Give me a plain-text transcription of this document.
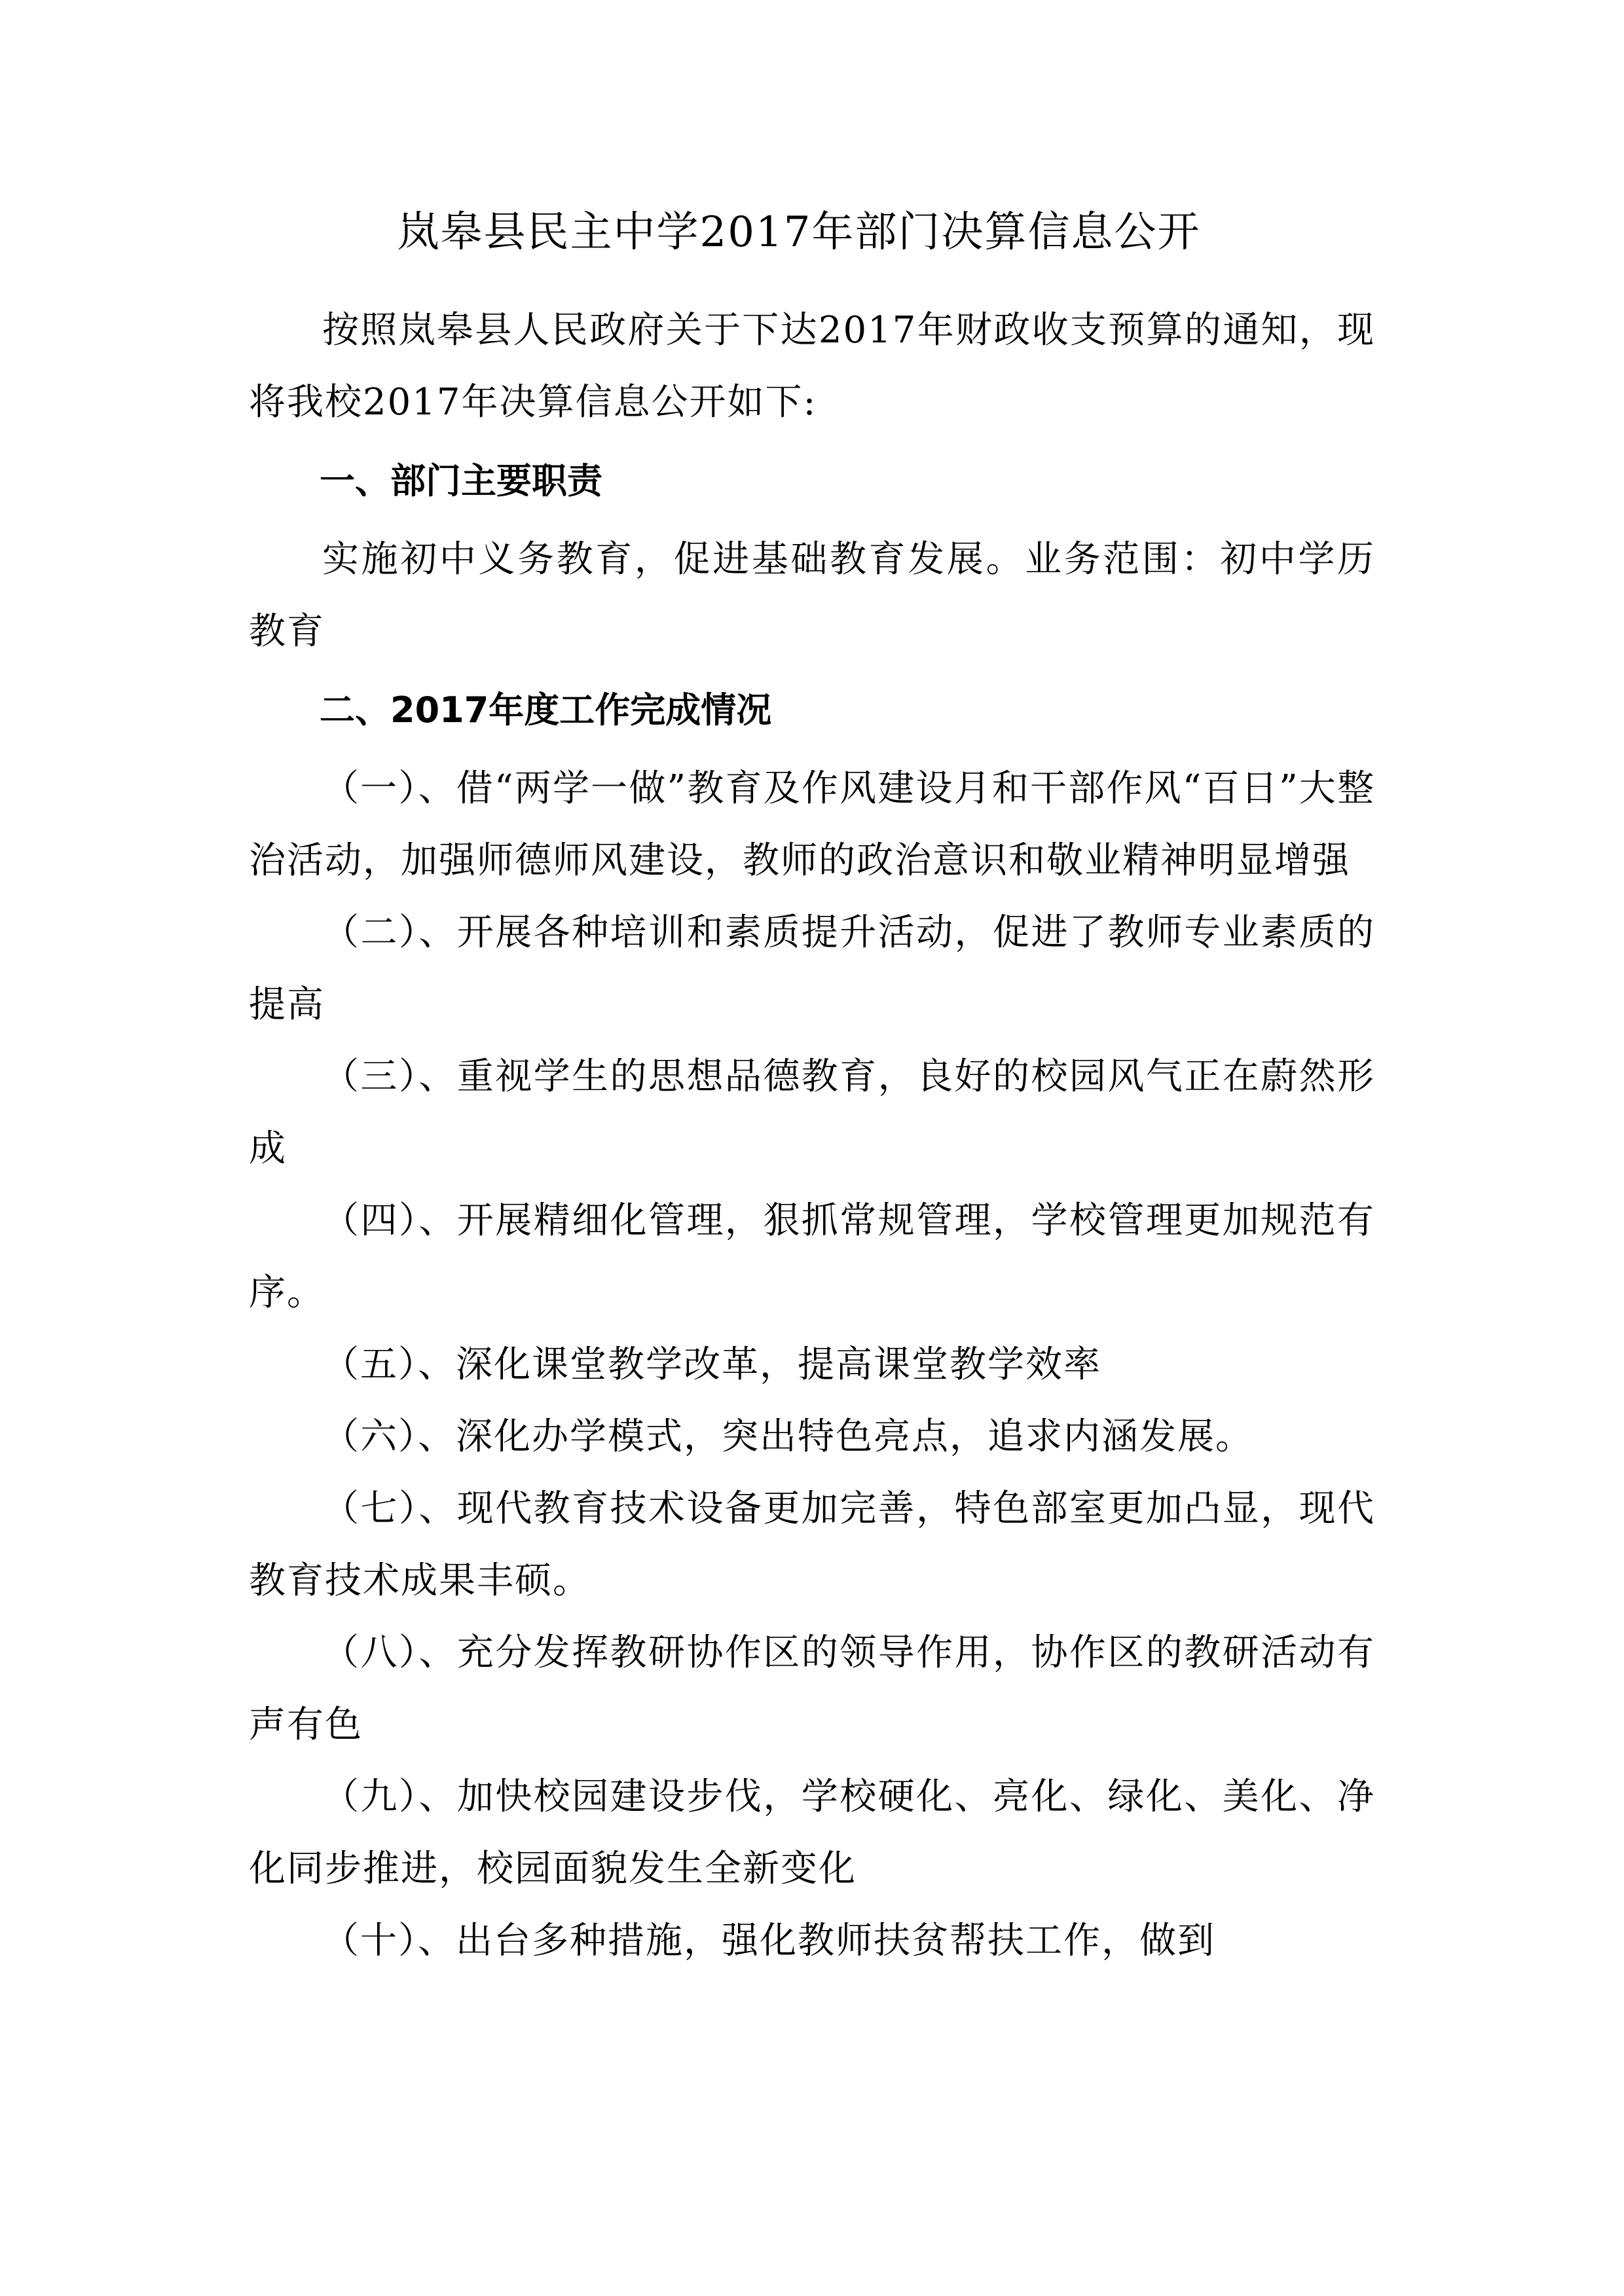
岚皋县民主中学2017年部门决算信息公开

按照岚皋县人民政府关于下达2017年财政收支预算的通知，现将我校2017年决算信息公开如下:

一、部门主要职责

实施初中义务教育，促进基础教育发展。业务范围：初中学历教育

二、2017年度工作完成情况

（一）、借“两学一做”教育及作风建设月和干部作风“百日”大整治活动，加强师德师风建设，教师的政治意识和敬业精神明显增强

（二）、开展各种培训和素质提升活动，促进了教师专业素质的提高

（三）、重视学生的思想品德教育，良好的校园风气正在蔚然形成

（四）、开展精细化管理，狠抓常规管理，学校管理更加规范有序。

（五）、深化课堂教学改革，提高课堂教学效率

（六）、深化办学模式，突出特色亮点，追求内涵发展。

（七）、现代教育技术设备更加完善，特色部室更加凸显，现代教育技术成果丰硕。

（八）、充分发挥教研协作区的领导作用，协作区的教研活动有声有色

（九）、加快校园建设步伐，学校硬化、亮化、绿化、美化、净化同步推进，校园面貌发生全新变化

（十）、出台多种措施，强化教师扶贫帮扶工作，做到
